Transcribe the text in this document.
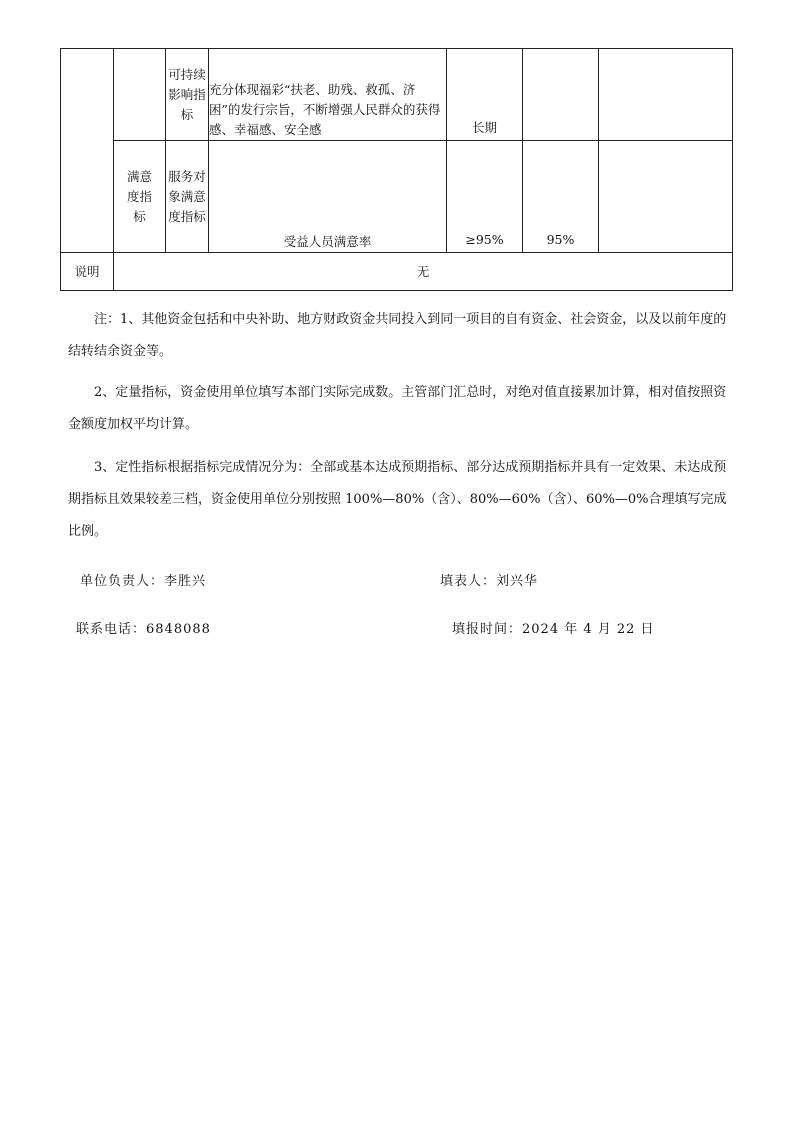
		可持续影响指标	充分体现福彩“扶老、助残、救孤、济困”的发行宗旨，不断增强人民群众的获得感、幸福感、安全感	长期		
	满意度指标	服务对象满意度指标	受益人员满意率	≥95%	95%	
说明	无					

注：1、其他资金包括和中央补助、地方财政资金共同投入到同一项目的自有资金、社会资金，以及以前年度的结转结余资金等。

2、定量指标，资金使用单位填写本部门实际完成数。主管部门汇总时，对绝对值直接累加计算，相对值按照资金额度加权平均计算。

3、定性指标根据指标完成情况分为：全部或基本达成预期指标、部分达成预期指标并具有一定效果、未达成预期指标且效果较差三档，资金使用单位分别按照 100%—80%（含）、80%—60%（含）、60%—0%合理填写完成比例。

单位负责人：李胜兴	填表人：刘兴华
联系电话：6848088	填报时间：2024 年 4 月 22 日
